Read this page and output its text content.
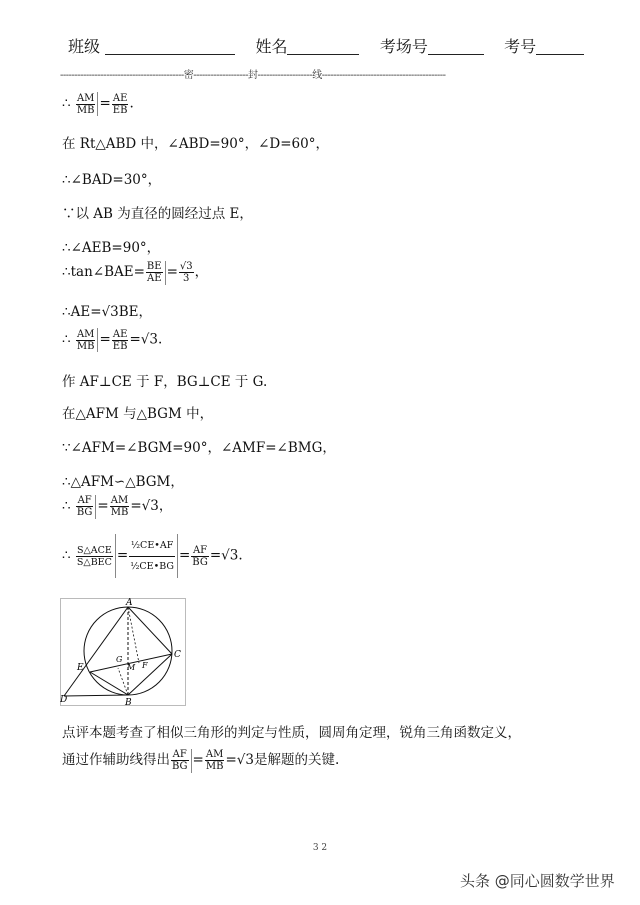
班级	姓名	考场号	考号
-------------------------------------------密-------------------封-------------------线-------------------------------------------
∴ $\frac{AM}{MB} = \frac{AE}{EB}$ .
在 Rt△ABD 中，∠ABD=90°，∠D=60°，
∴∠BAD=30°，
∵以 AB 为直径的圆经过点 E，
∴∠AEB=90°，
∴tan∠BAE= $\frac{BE}{AE} = \frac{√3}{3}$ ，
∴AE=√3BE，
∴ $\frac{AM}{MB} = \frac{AE}{EB} =√3$.
作 AF⊥CE 于 F，BG⊥CE 于 G.
在△AFM 与△BGM 中，
∵∠AFM=∠BGM=90°，∠AMF=∠BMG，
∴△AFM∽△BGM，
∴ $\frac{AF}{BG} = \frac{AM}{MB} =√3$，
∴ $\frac{\text{S△ACE}}{\text{S△BEC}} = \frac{\text{½CE•AF}}{\text{½CE•BG}} = \frac{AF}{BG} =√3$.
A
B
C
D
E	F
G
M
点评本题考查了相似三角形的判定与性质，圆周角定理，锐角三角函数定义，
通过作辅助线得出 $\frac{AF}{BG} = \frac{AM}{MB} =√3$是解题的关键.
3 2
头条 @同心圆数学世界
